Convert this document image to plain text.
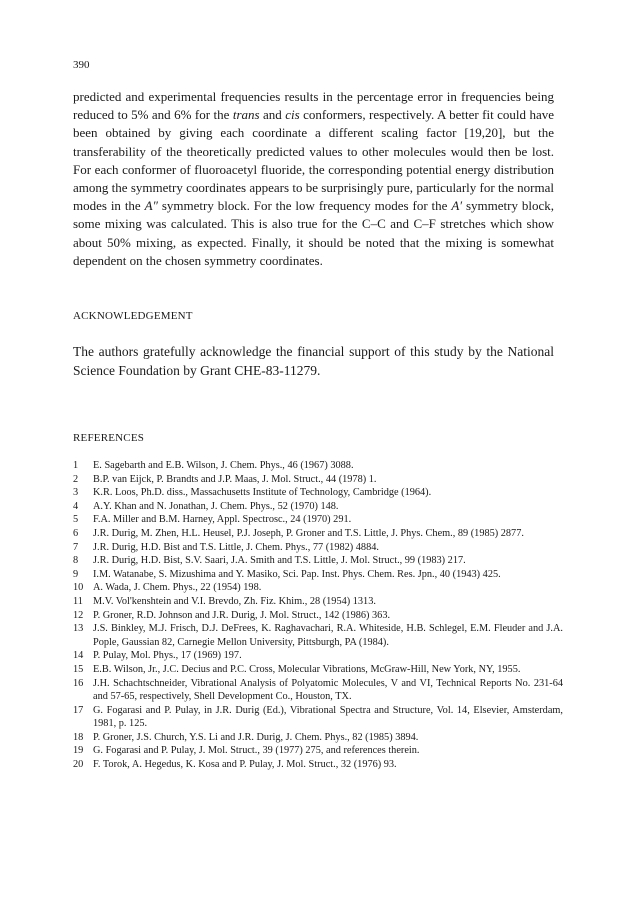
390

predicted and experimental frequencies results in the percentage error in frequencies being reduced to 5% and 6% for the trans and cis conformers, respectively. A better fit could have been obtained by giving each coordinate a different scaling factor [19,20], but the transferability of the theoretically predicted values to other molecules would then be lost. For each conformer of fluoroacetyl fluoride, the corresponding potential energy distribution among the symmetry coordinates appears to be surprisingly pure, particularly for the normal modes in the A″ symmetry block. For the low frequency modes for the A′ symmetry block, some mixing was calculated. This is also true for the C–C and C–F stretches which show about 50% mixing, as expected. Finally, it should be noted that the mixing is somewhat dependent on the chosen symmetry coordinates.

ACKNOWLEDGEMENT

The authors gratefully acknowledge the financial support of this study by the National Science Foundation by Grant CHE-83-11279.

REFERENCES
1	E. Sagebarth and E.B. Wilson, J. Chem. Phys., 46 (1967) 3088.
2	B.P. van Eijck, P. Brandts and J.P. Maas, J. Mol. Struct., 44 (1978) 1.
3	K.R. Loos, Ph.D. diss., Massachusetts Institute of Technology, Cambridge (1964).
4	A.Y. Khan and N. Jonathan, J. Chem. Phys., 52 (1970) 148.
5	F.A. Miller and B.M. Harney, Appl. Spectrosc., 24 (1970) 291.
6	J.R. Durig, M. Zhen, H.L. Heusel, P.J. Joseph, P. Groner and T.S. Little, J. Phys. Chem., 89 (1985) 2877.
7	J.R. Durig, H.D. Bist and T.S. Little, J. Chem. Phys., 77 (1982) 4884.
8	J.R. Durig, H.D. Bist, S.V. Saari, J.A. Smith and T.S. Little, J. Mol. Struct., 99 (1983) 217.
9	I.M. Watanabe, S. Mizushima and Y. Masiko, Sci. Pap. Inst. Phys. Chem. Res. Jpn., 40 (1943) 425.
10 A. Wada, J. Chem. Phys., 22 (1954) 198.
11 M.V. Vol'kenshtein and V.I. Brevdo, Zh. Fiz. Khim., 28 (1954) 1313.
12 P. Groner, R.D. Johnson and J.R. Durig, J. Mol. Struct., 142 (1986) 363.
13 J.S. Binkley, M.J. Frisch, D.J. DeFrees, K. Raghavachari, R.A. Whiteside, H.B. Schlegel, E.M. Fleuder and J.A. Pople, Gaussian 82, Carnegie Mellon University, Pittsburgh, PA (1984).
14 P. Pulay, Mol. Phys., 17 (1969) 197.
15 E.B. Wilson, Jr., J.C. Decius and P.C. Cross, Molecular Vibrations, McGraw-Hill, New York, NY, 1955.
16 J.H. Schachtschneider, Vibrational Analysis of Polyatomic Molecules, V and VI, Technical Reports No. 231-64 and 57-65, respectively, Shell Development Co., Houston, TX.
17 G. Fogarasi and P. Pulay, in J.R. Durig (Ed.), Vibrational Spectra and Structure, Vol. 14, Elsevier, Amsterdam, 1981, p. 125.
18 P. Groner, J.S. Church, Y.S. Li and J.R. Durig, J. Chem. Phys., 82 (1985) 3894.
19 G. Fogarasi and P. Pulay, J. Mol. Struct., 39 (1977) 275, and references therein.
20 F. Torok, A. Hegedus, K. Kosa and P. Pulay, J. Mol. Struct., 32 (1976) 93.
